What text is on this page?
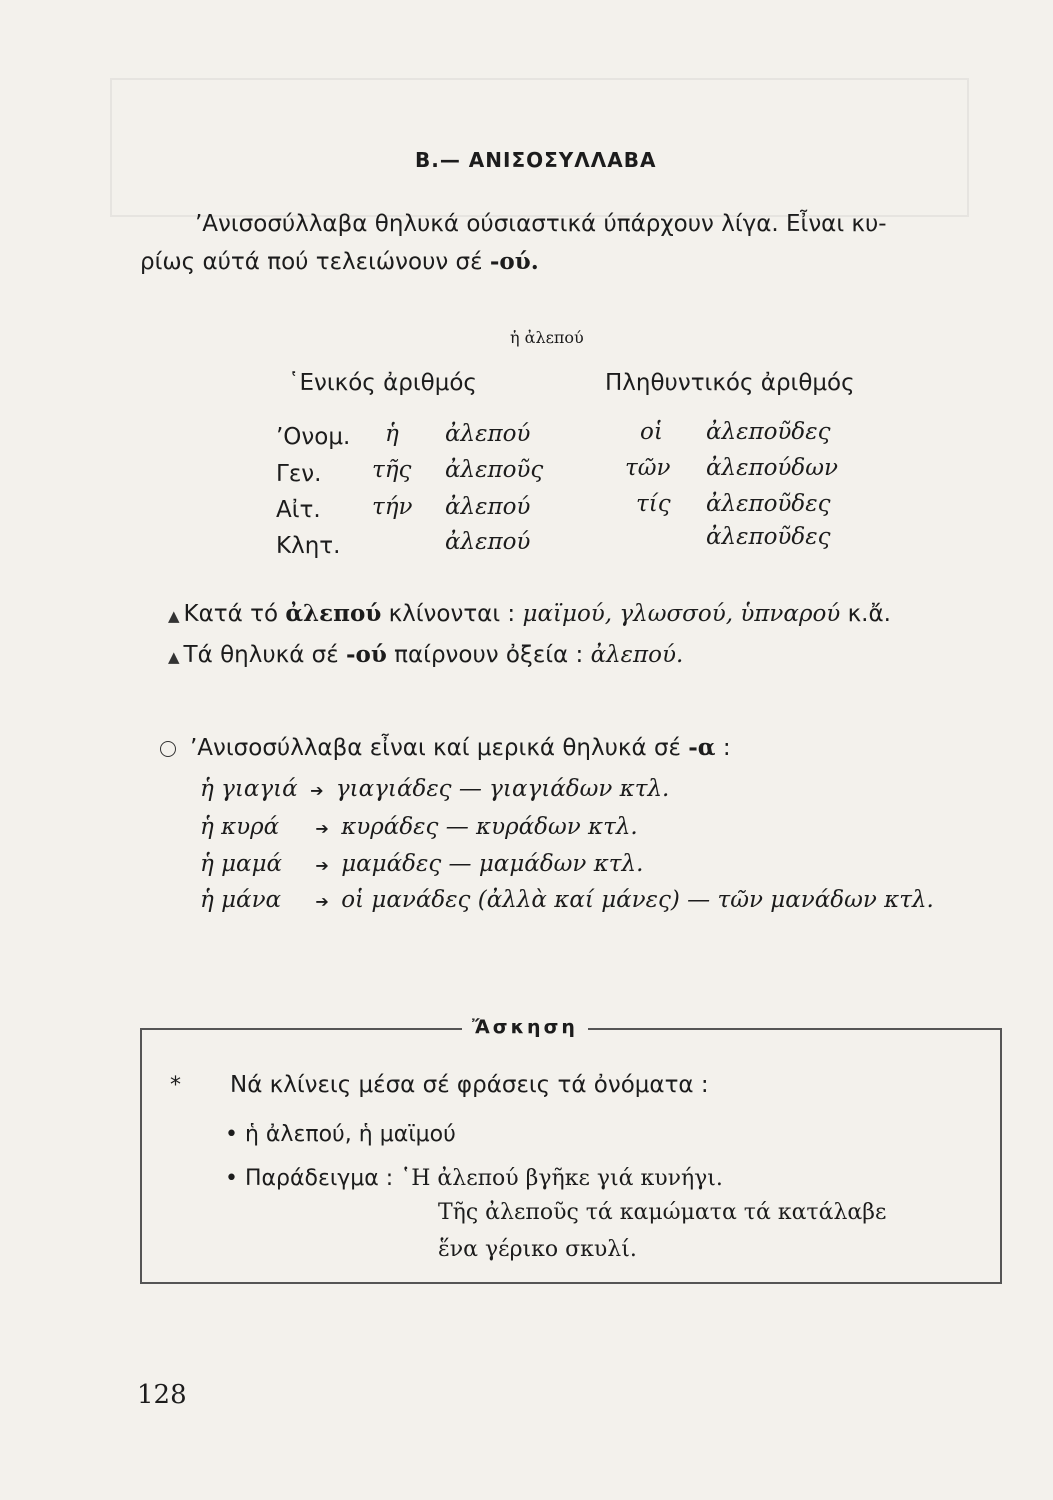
Β.— ΑΝΙΣΟΣΥΛΛΑΒΑ
’Ανισοσύλλαβα θηλυκά ούσιαστικά ύπάρχουν λίγα. Εἶναι κυ-
ρίως αύτά πού τελειώνουν σέ -ού.
ἡ ἀλεπού
῾Ενικός ἀριθμός	Πληθυντικός ἀριθμός
’Ονομ. ἡ ἀλεπού	οἱ ἀλεποῦδες
Γεν. τῆς ἀλεποῦς	τῶν ἀλεπούδων
Αἰτ. τήν ἀλεπού	τίς ἀλεποῦδες
Κλητ.	ἀλεπού	ἀλεποῦδες
▲ Κατά τό ἀλεπού κλίνονται : μαϊμού, γλωσσού, ὑπναρού κ.ἄ.
▲ Τά θηλυκά σέ -ού παίρνουν ὀξεία : ἀλεπού.
’Ανισοσύλλαβα εἶναι καί μερικά θηλυκά σέ -α :
ἡ γιαγιά  ➔  γιαγιάδες — γιαγιάδων κτλ.
ἡ κυρά  ➔  κυράδες — κυράδων κτλ.
ἡ μαμά  ➔  μαμάδες — μαμάδων κτλ.
ἡ μάνα  ➔  οἱ μανάδες (ἀλλὰ καί μάνες) — τῶν μανάδων κτλ.
Ἄσκηση
* Νά κλίνεις μέσα σέ φράσεις τά ὀνόματα :
• ἡ ἀλεπού, ἡ μαϊμού
• Παράδειγμα : ῾Η ἀλεπού βγῆκε γιά κυνήγι.
Τῆς ἀλεποῦς τά καμώματα τά κατάλαβε
ἕνα γέρικο σκυλί.
128
